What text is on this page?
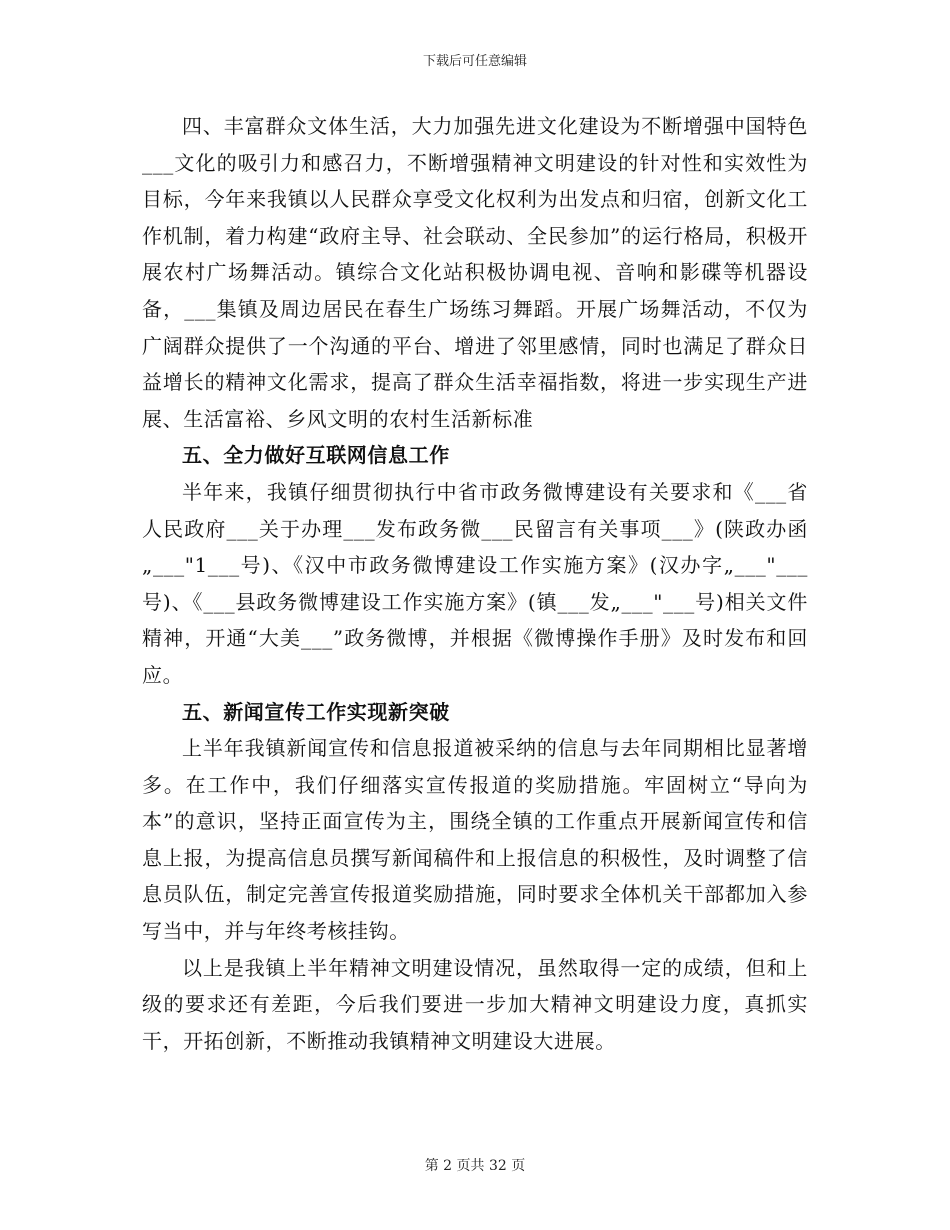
下载后可任意编辑

四、丰富群众文体生活，大力加强先进文化建设为不断增强中国特色___文化的吸引力和感召力，不断增强精神文明建设的针对性和实效性为目标，今年来我镇以人民群众享受文化权利为出发点和归宿，创新文化工作机制，着力构建“政府主导、社会联动、全民参加”的运行格局，积极开展农村广场舞活动。镇综合文化站积极协调电视、音响和影碟等机器设备，___集镇及周边居民在春生广场练习舞蹈。开展广场舞活动，不仅为广阔群众提供了一个沟通的平台、增进了邻里感情，同时也满足了群众日益增长的精神文化需求，提高了群众生活幸福指数，将进一步实现生产进展、生活富裕、乡风文明的农村生活新标准

五、全力做好互联网信息工作

半年来，我镇仔细贯彻执行中省市政务微博建设有关要求和《___省人民政府___关于办理___发布政务微___民留言有关事项___》(陕政办函„___"1___号)、《汉中市政务微博建设工作实施方案》(汉办字„___"___号)、《___县政务微博建设工作实施方案》(镇___发„___"___号)相关文件精神，开通“大美___”政务微博，并根据《微博操作手册》及时发布和回应。

五、新闻宣传工作实现新突破

上半年我镇新闻宣传和信息报道被采纳的信息与去年同期相比显著增多。在工作中，我们仔细落实宣传报道的奖励措施。牢固树立“导向为本”的意识，坚持正面宣传为主，围绕全镇的工作重点开展新闻宣传和信息上报，为提高信息员撰写新闻稿件和上报信息的积极性，及时调整了信息员队伍，制定完善宣传报道奖励措施，同时要求全体机关干部都加入参写当中，并与年终考核挂钩。

以上是我镇上半年精神文明建设情况，虽然取得一定的成绩，但和上级的要求还有差距，今后我们要进一步加大精神文明建设力度，真抓实干，开拓创新，不断推动我镇精神文明建设大进展。

第 2 页共 32 页
